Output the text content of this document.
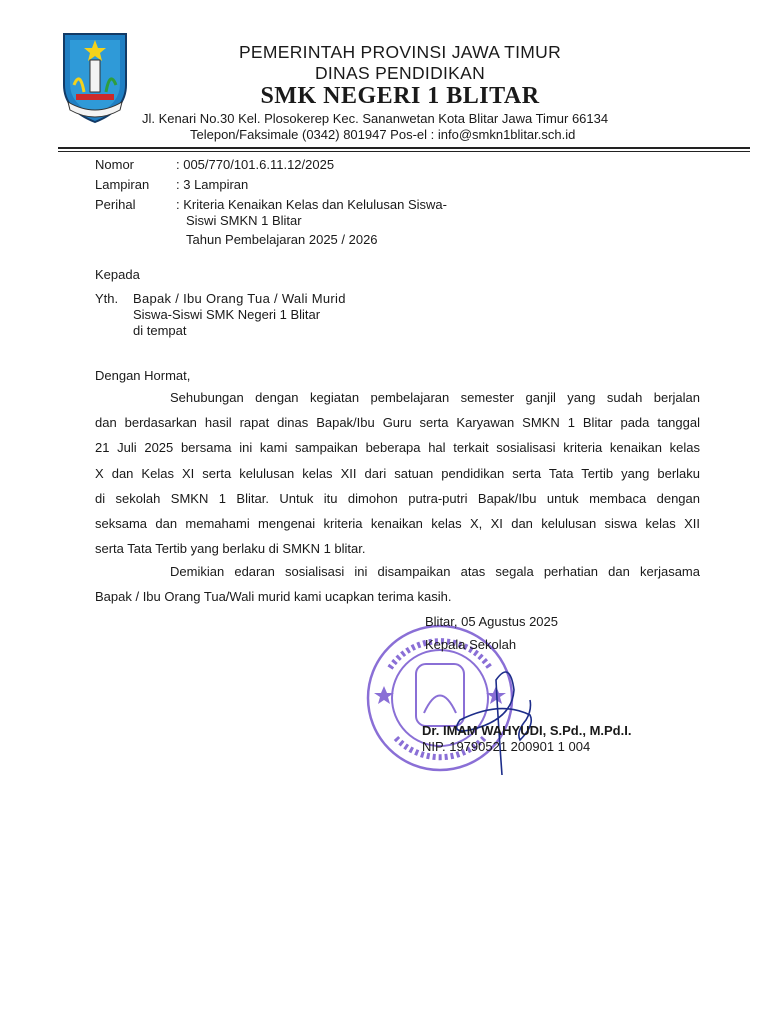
PEMERINTAH PROVINSI JAWA TIMUR
DINAS PENDIDIKAN
SMK NEGERI 1 BLITAR
Jl. Kenari No.30 Kel. Plosokerep Kec. Sananwetan Kota Blitar Jawa Timur 66134
Telepon/Faksimale (0342) 801947 Pos-el : info@smkn1blitar.sch.id
Nomor	: 005/770/101.6.11.12/2025
Lampiran : 3 Lampiran
Perihal	: Kriteria Kenaikan Kelas dan Kelulusan Siswa-
Siswi SMKN 1 Blitar
Tahun Pembelajaran 2025 / 2026
Kepada
Yth. Bapak / Ibu Orang Tua / Wali Murid
Siswa-Siswi SMK Negeri 1 Blitar
di tempat
Dengan Hormat,
Sehubungan dengan kegiatan pembelajaran semester ganjil yang sudah berjalan
dan berdasarkan hasil rapat dinas Bapak/Ibu Guru serta Karyawan SMKN 1 Blitar pada tanggal
21 Juli 2025 bersama ini kami sampaikan beberapa hal terkait sosialisasi kriteria kenaikan kelas
X dan Kelas XI serta kelulusan kelas XII dari satuan pendidikan serta Tata Tertib yang berlaku
di sekolah SMKN 1 Blitar. Untuk itu dimohon putra-putri Bapak/Ibu untuk membaca dengan
seksama dan memahami mengenai kriteria kenaikan kelas X, XI dan kelulusan siswa kelas XII
serta Tata Tertib yang berlaku di SMKN 1 blitar.
Demikian edaran sosialisasi ini disampaikan atas segala perhatian dan kerjasama
Bapak / Ibu Orang Tua/Wali murid kami ucapkan terima kasih.
Blitar, 05 Agustus 2025
Kepala Sekolah
Dr. IMAM WAHYUDI, S.Pd., M.Pd.I.
NIP. 19790521 200901 1 004
